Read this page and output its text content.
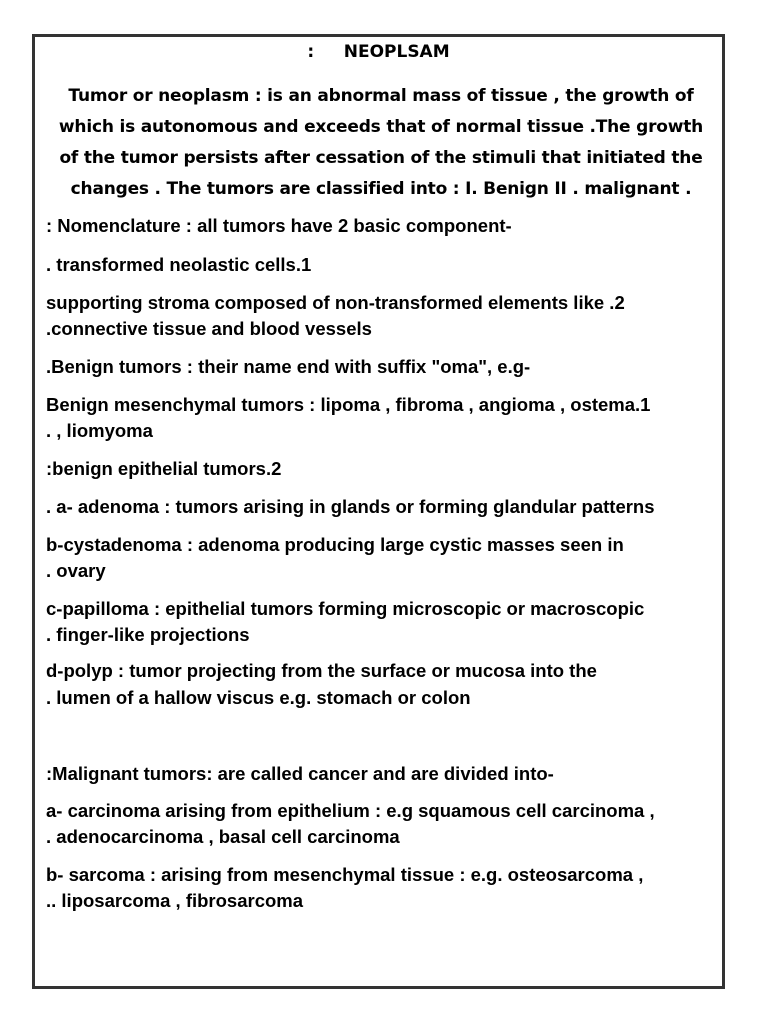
:     NEOPLSAM
Tumor or neoplasm : is an abnormal mass of tissue , the growth of
which is autonomous and exceeds that of normal tissue .The growth
of the tumor persists after cessation of the stimuli that initiated the
changes . The tumors are classified into : I. Benign II . malignant .
: Nomenclature : all tumors have 2 basic component-
. transformed neolastic cells.1
supporting stroma composed of non-transformed elements like .2
.connective tissue and blood vessels
.Benign tumors : their name end with suffix "oma", e.g-
Benign mesenchymal tumors : lipoma , fibroma , angioma , ostema.1
. , liomyoma
:benign epithelial tumors.2
. a- adenoma : tumors arising in glands or forming glandular patterns
b-cystadenoma : adenoma producing large cystic masses seen in
. ovary
c-papilloma : epithelial tumors forming microscopic or macroscopic
. finger-like projections
d-polyp : tumor projecting from the surface or mucosa into the
. lumen of a hallow viscus e.g. stomach or colon
:Malignant tumors: are called cancer and are divided into-
a- carcinoma arising from epithelium : e.g squamous cell carcinoma ,
. adenocarcinoma , basal cell carcinoma
b- sarcoma : arising from mesenchymal tissue : e.g. osteosarcoma ,
.. liposarcoma , fibrosarcoma
